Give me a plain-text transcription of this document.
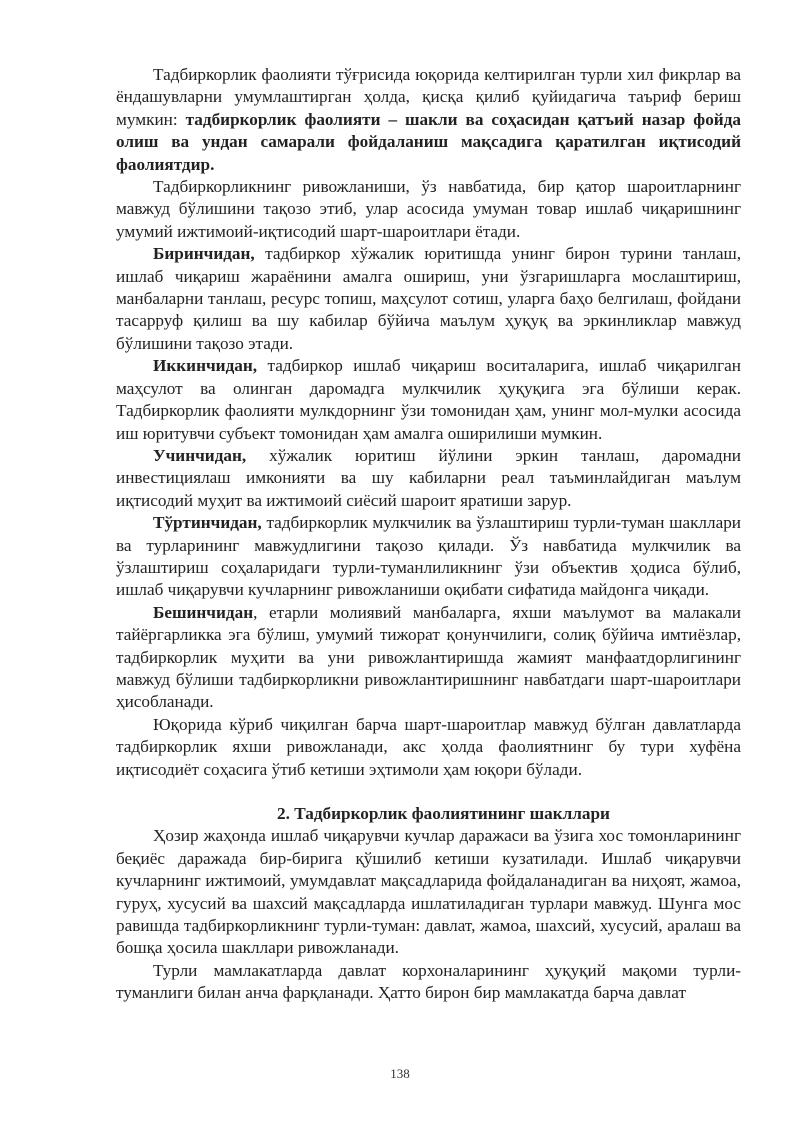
Тадбиркорлик фаолияти тўғрисида юқорида келтирилган турли хил фикрлар ва ёндашувларни умумлаштирган ҳолда, қисқа қилиб қуйидагича таъриф бериш мумкин: тадбиркорлик фаолияти – шакли ва соҳасидан қатъий назар фойда олиш ва ундан самарали фойдаланиш мақсадига қаратилган иқтисодий фаолиятдир.

Тадбиркорликнинг ривожланиши, ўз навбатида, бир қатор шароитларнинг мавжуд бўлишини тақозо этиб, улар асосида умуман товар ишлаб чиқаришнинг умумий ижтимоий-иқтисодий шарт-шароитлари ётади.

Биринчидан, тадбиркор хўжалик юритишда унинг бирон турини танлаш, ишлаб чиқариш жараёнини амалга ошириш, уни ўзгаришларга мослаштириш, манбаларни танлаш, ресурс топиш, маҳсулот сотиш, уларга баҳо белгилаш, фойдани тасарруф қилиш ва шу кабилар бўйича маълум ҳуқуқ ва эркинликлар мавжуд бўлишини тақозо этади.

Иккинчидан, тадбиркор ишлаб чиқариш воситаларига, ишлаб чиқарилган маҳсулот ва олинган даромадга мулкчилик ҳуқуқига эга бўлиши керак. Тадбиркорлик фаолияти мулкдорнинг ўзи томонидан ҳам, унинг мол-мулки асосида иш юритувчи субъект томонидан ҳам амалга оширилиши мумкин.

Учинчидан, хўжалик юритиш йўлини эркин танлаш, даромадни инвестициялаш имконияти ва шу кабиларни реал таъминлайдиган маълум иқтисодий муҳит ва ижтимоий сиёсий шароит яратиши зарур.

Тўртинчидан, тадбиркорлик мулкчилик ва ўзлаштириш турли-туман шакллари ва турларининг мавжудлигини тақозо қилади. Ўз навбатида мулкчилик ва ўзлаштириш соҳаларидаги турли-туманлиликнинг ўзи объектив ҳодиса бўлиб, ишлаб чиқарувчи кучларнинг ривожланиши оқибати сифатида майдонга чиқади.

Бешинчидан, етарли молиявий манбаларга, яхши маълумот ва малакали тайёргарликка эга бўлиш, умумий тижорат қонунчилиги, солиқ бўйича имтиёзлар, тадбиркорлик муҳити ва уни ривожлантиришда жамият манфаатдорлигининг мавжуд бўлиши тадбиркорликни ривожлантиришнинг навбатдаги шарт-шароитлари ҳисобланади.

Юқорида кўриб чиқилган барча шарт-шароитлар мавжуд бўлган давлатларда тадбиркорлик яхши ривожланади, акс ҳолда фаолиятнинг бу тури хуфёна иқтисодиёт соҳасига ўтиб кетиши эҳтимоли ҳам юқори бўлади.

2. Тадбиркорлик фаолиятининг шакллари

Ҳозир жаҳонда ишлаб чиқарувчи кучлар даражаси ва ўзига хос томонларининг беқиёс даражада бир-бирига қўшилиб кетиши кузатилади. Ишлаб чиқарувчи кучларнинг ижтимоий, умумдавлат мақсадларида фойдаланадиган ва ниҳоят, жамоа, гуруҳ, хусусий ва шахсий мақсадларда ишлатиладиган турлари мавжуд. Шунга мос равишда тадбиркорликнинг турли-туман: давлат, жамоа, шахсий, хусусий, аралаш ва бошқа ҳосила шакллари ривожланади.

Турли мамлакатларда давлат корхоналарининг ҳуқуқий мақоми турли-туманлиги билан анча фарқланади. Ҳатто бирон бир мамлакатда барча давлат

138
